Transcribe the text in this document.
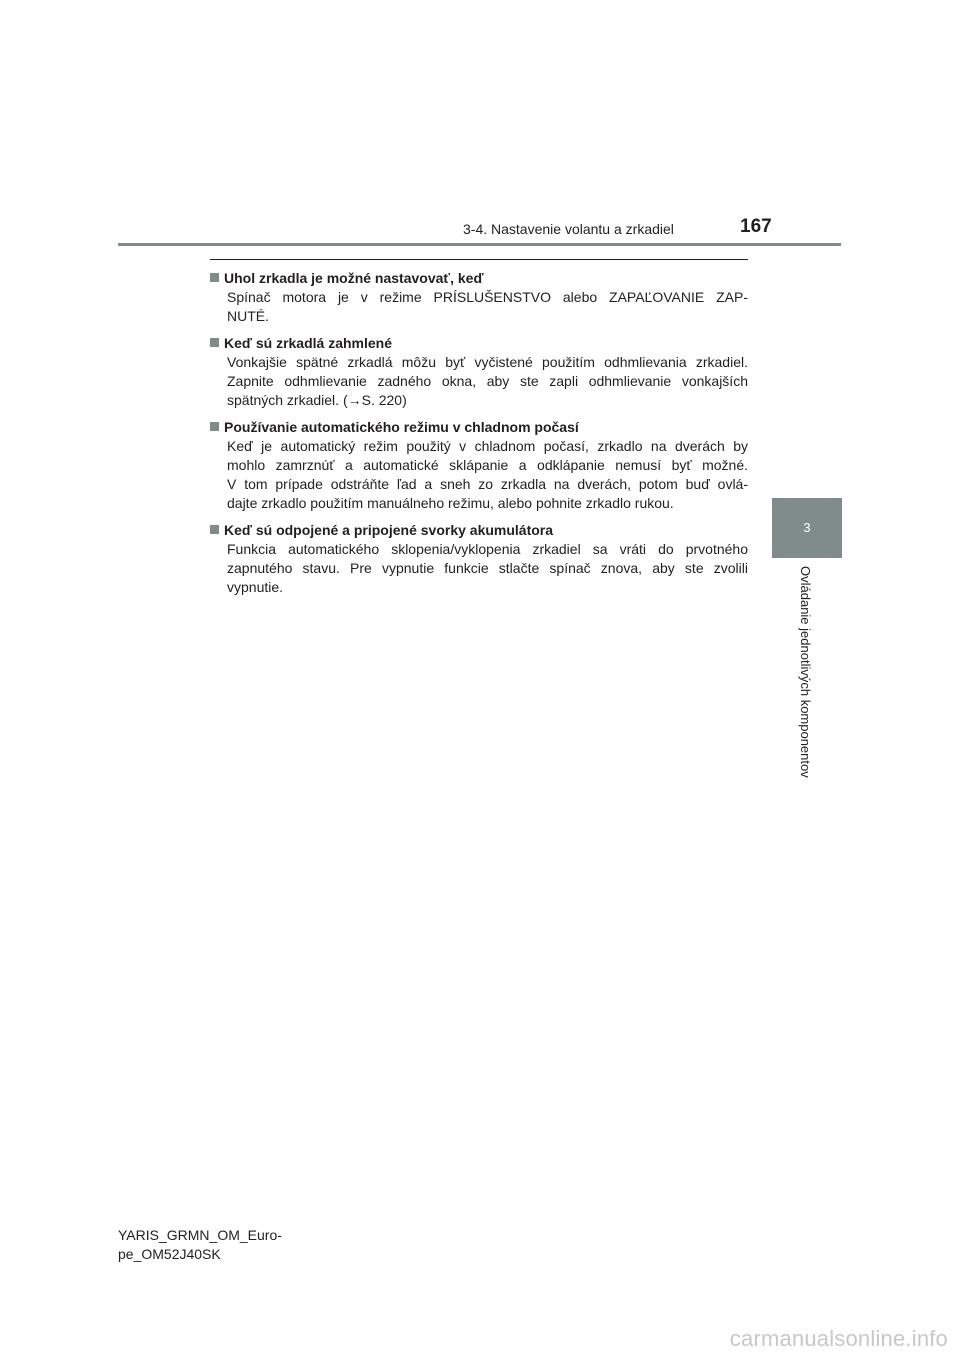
3-4. Nastavenie volantu a zrkadiel	167
Uhol zrkadla je možné nastavovať, keď
Spínač motora je v režime PRÍSLUŠENSTVO alebo ZAPAĽOVANIE ZAP-
NUTÉ.
Keď sú zrkadlá zahmlené
Vonkajšie spätné zrkadlá môžu byť vyčistené použitím odhmlievania zrkadiel.
Zapnite odhmlievanie zadného okna, aby ste zapli odhmlievanie vonkajších
spätných zrkadiel. (→S. 220)
Používanie automatického režimu v chladnom počasí
Keď je automatický režim použitý v chladnom počasí, zrkadlo na dverách by
mohlo zamrznúť a automatické sklápanie a odklápanie nemusí byť možné.
V tom prípade odstráňte ľad a sneh zo zrkadla na dverách, potom buď ovlá-
dajte zrkadlo použitím manuálneho režimu, alebo pohnite zrkadlo rukou.
Keď sú odpojené a pripojené svorky akumulátora
Funkcia automatického sklopenia/vyklopenia zrkadiel sa vráti do prvotného
zapnutého stavu. Pre vypnutie funkcie stlačte spínač znova, aby ste zvolili
vypnutie.
3
Ovládanie jednotlivých komponentov
YARIS_GRMN_OM_Euro-
pe_OM52J40SK
carmanualsonline.info
